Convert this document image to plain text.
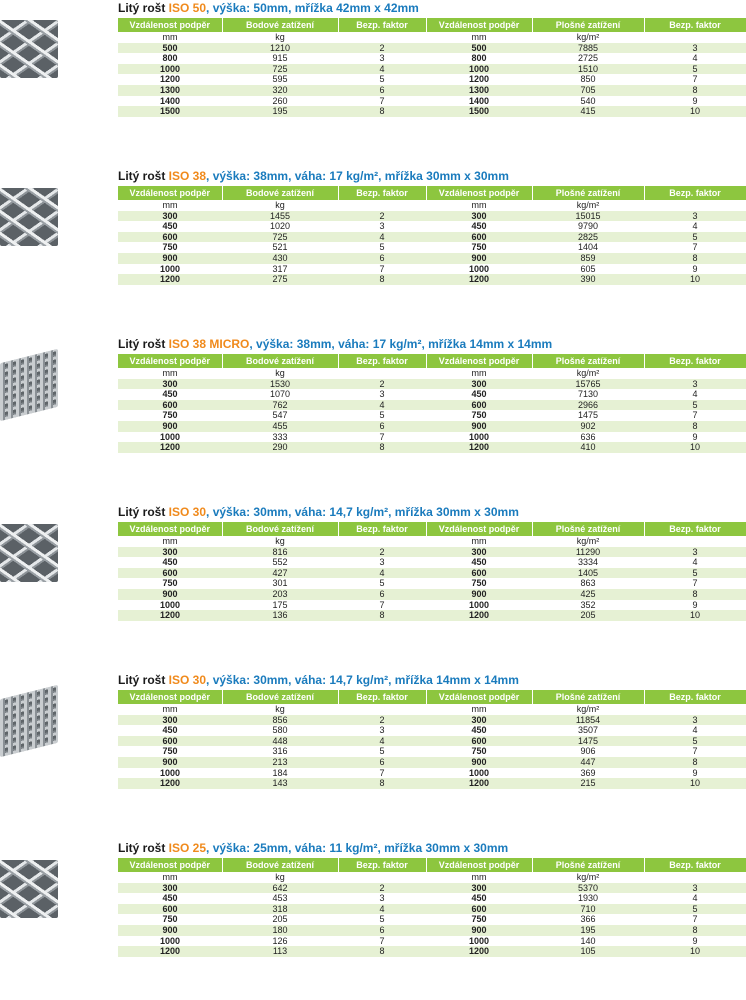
Litý rošt ISO 50, výška: 50mm, mřížka 42mm x 42mm
Vzdálenost podpěr	Bodové zatížení	Bezp. faktor	Vzdálenost podpěr	Plošné zatížení	Bezp. faktor
mm	kg		mm	kg/m²	
500	1210	2	500	7885	3
800	915	3	800	2725	4
1000	725	4	1000	1510	5
1200	595	5	1200	850	7
1300	320	6	1300	705	8
1400	260	7	1400	540	9
1500	195	8	1500	415	10
Litý rošt ISO 38, výška: 38mm, váha: 17 kg/m², mřížka 30mm x 30mm
Vzdálenost podpěr	Bodové zatížení	Bezp. faktor	Vzdálenost podpěr	Plošné zatížení	Bezp. faktor
mm	kg		mm	kg/m²	
300	1455	2	300	15015	3
450	1020	3	450	9790	4
600	725	4	600	2825	5
750	521	5	750	1404	7
900	430	6	900	859	8
1000	317	7	1000	605	9
1200	275	8	1200	390	10
Litý rošt ISO 38 MICRO, výška: 38mm, váha: 17 kg/m², mřížka 14mm x 14mm
Vzdálenost podpěr	Bodové zatížení	Bezp. faktor	Vzdálenost podpěr	Plošné zatížení	Bezp. faktor
mm	kg		mm	kg/m²	
300	1530	2	300	15765	3
450	1070	3	450	7130	4
600	762	4	600	2966	5
750	547	5	750	1475	7
900	455	6	900	902	8
1000	333	7	1000	636	9
1200	290	8	1200	410	10
Litý rošt ISO 30, výška: 30mm, váha: 14,7 kg/m², mřížka 30mm x 30mm
Vzdálenost podpěr	Bodové zatížení	Bezp. faktor	Vzdálenost podpěr	Plošné zatížení	Bezp. faktor
mm	kg		mm	kg/m²	
300	816	2	300	11290	3
450	552	3	450	3334	4
600	427	4	600	1405	5
750	301	5	750	863	7
900	203	6	900	425	8
1000	175	7	1000	352	9
1200	136	8	1200	205	10
Litý rošt ISO 30, výška: 30mm, váha: 14,7 kg/m², mřížka 14mm x 14mm
Vzdálenost podpěr	Bodové zatížení	Bezp. faktor	Vzdálenost podpěr	Plošné zatížení	Bezp. faktor
mm	kg		mm	kg/m²	
300	856	2	300	11854	3
450	580	3	450	3507	4
600	448	4	600	1475	5
750	316	5	750	906	7
900	213	6	900	447	8
1000	184	7	1000	369	9
1200	143	8	1200	215	10
Litý rošt ISO 25, výška: 25mm, váha: 11 kg/m², mřížka 30mm x 30mm
Vzdálenost podpěr	Bodové zatížení	Bezp. faktor	Vzdálenost podpěr	Plošné zatížení	Bezp. faktor
mm	kg		mm	kg/m²	
300	642	2	300	5370	3
450	453	3	450	1930	4
600	318	4	600	710	5
750	205	5	750	366	7
900	180	6	900	195	8
1000	126	7	1000	140	9
1200	113	8	1200	105	10
